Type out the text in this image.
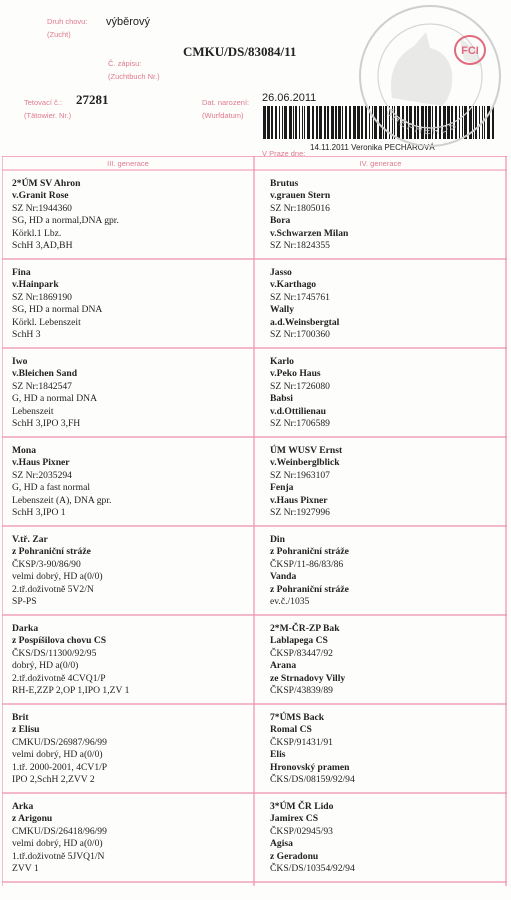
Druh chovu:
(Zucht)
výběrový
Č. zápisu:
(Zuchtbuch Nr.)
CMKU/DS/83084/11
Tetovací č.:
(Tätowier. Nr.)
27281	Dat. narození:
(Wurfdatum)
26.06.2011
V Praze dne:
14.11.2011 Veronika PECHAROVÁ
FCI
SHEPHERDS
III. generace	IV. generace
2*ÚM SV Ahron
v.Granit Rose
SZ Nr:1944360
SG, HD a normal,DNA gpr.
Körkl.1 Lbz.
SchH 3,AD,BH
Fina
v.Hainpark
SZ Nr:1869190
SG, HD a normal DNA
Körkl. Lebenszeit
SchH 3
Iwo
v.Bleichen Sand
SZ Nr:1842547
G, HD a normal DNA
Lebenszeit
SchH 3,IPO 3,FH
Mona
v.Haus Pixner
SZ Nr:2035294
G, HD a fast normal
Lebenszeit (A), DNA gpr.
SchH 3,IPO 1
V.tř. Zar
z Pohraniční stráže
ČKSP/3-90/86/90
velmi dobrý, HD a(0/0)
2.tř.doživotně 5V2/N
SP-PS
Darka
z Pospíšilova chovu CS
ČKS/DS/11300/92/95
dobrý, HD a(0/0)
2.tř.doživotně 4CVQ1/P
RH-E,ZZP 2,OP 1,IPO 1,ZV 1
Brit
z Elisu
CMKU/DS/26987/96/99
velmi dobrý, HD a(0/0)
1.tř. 2000-2001, 4CV1/P
IPO 2,SchH 2,ZVV 2
Arka
z Arigonu
CMKU/DS/26418/96/99
velmi dobrý, HD a(0/0)
1.tř.doživotně 5JVQ1/N
ZVV 1
Brutus
v.grauen Stern
SZ Nr:1805016
Bora
v.Schwarzen Milan
SZ Nr:1824355
Jasso
v.Karthago
SZ Nr:1745761
Wally
a.d.Weinsbergtal
SZ Nr:1700360
Karlo
v.Peko Haus
SZ Nr:1726080
Babsi
v.d.Ottilienau
SZ Nr:1706589
ÚM WUSV Ernst
v.Weinberglblick
SZ Nr:1963107
Fenja
v.Haus Pixner
SZ Nr:1927996
Din
z Pohraniční stráže
ČKSP/11-86/83/86
Vanda
z Pohraniční stráže
ev.č./1035
2*M-ČR-ZP Bak
Lablapega CS
ČKSP/83447/92
Arana
ze Strnadovy Villy
ČKSP/43839/89
7*ÚMS Back
Romal CS
ČKSP/91431/91
Elis
Hronovský pramen
ČKS/DS/08159/92/94
3*ÚM ČR Lido
Jamirex CS
ČKSP/02945/93
Agisa
z Geradonu
ČKS/DS/10354/92/94
